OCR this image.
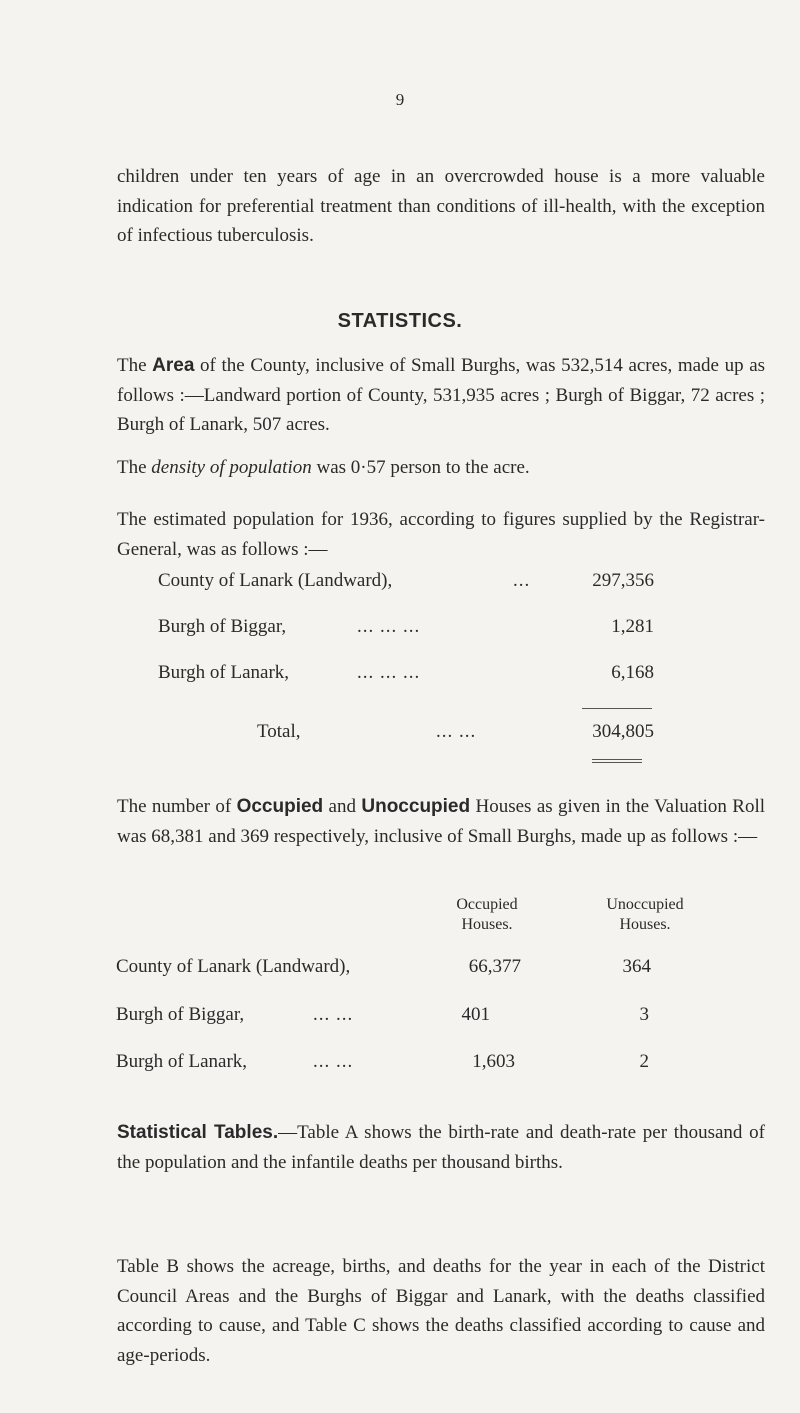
9

children under ten years of age in an overcrowded house is a more valuable indication for preferential treatment than conditions of ill-health, with the exception of infectious tuberculosis.

STATISTICS.

The Area of the County, inclusive of Small Burghs, was 532,514 acres, made up as follows :—Landward portion of County, 531,935 acres ; Burgh of Biggar, 72 acres ; Burgh of Lanark, 507 acres.

The density of population was 0·57 person to the acre.

The estimated population for 1936, according to figures supplied by the Registrar-General, was as follows :—

County of Lanark (Landward),	...	297,356
Burgh of Biggar,	... ... ...	1,281
Burgh of Lanark,	... ... ...	6,168
Total,	... ...	304,805

The number of Occupied and Unoccupied Houses as given in the Valuation Roll was 68,381 and 369 respectively, inclusive of Small Burghs, made up as follows :—

Occupied
Houses.
Unoccupied
Houses.
County of Lanark (Landward),	66,377	364
Burgh of Biggar,	... ...	401	3
Burgh of Lanark,	... ...	1,603	2

Statistical Tables.—Table A shows the birth-rate and death-rate per thousand of the population and the infantile deaths per thousand births.

Table B shows the acreage, births, and deaths for the year in each of the District Council Areas and the Burghs of Biggar and Lanark, with the deaths classified according to cause, and Table C shows the deaths classified according to cause and age-periods.
